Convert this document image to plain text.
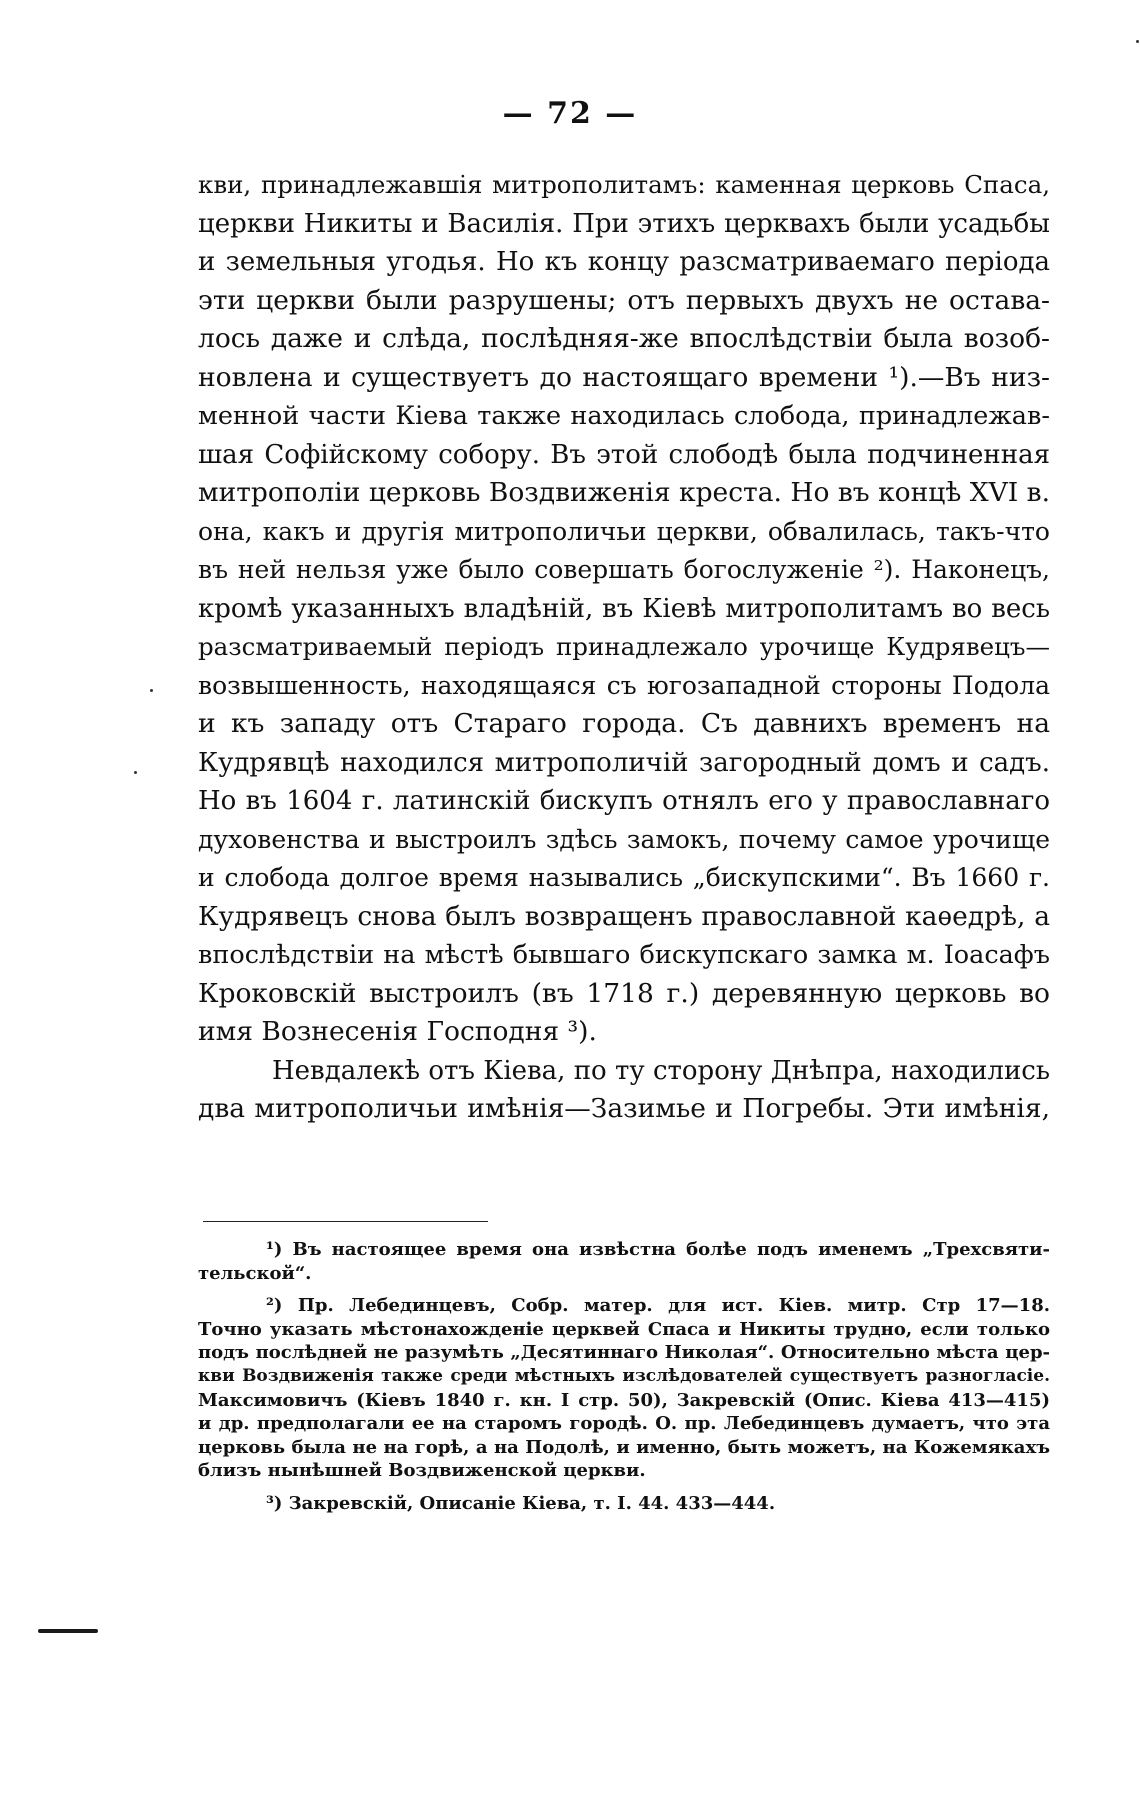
— 72 —
кви, принадлежавшія митрополитамъ: каменная церковь Спаса,
церкви Никиты и Василія. При этихъ церквахъ были усадьбы
и земельныя угодья. Но къ концу разсматриваемаго періода
эти церкви были разрушены; отъ первыхъ двухъ не остава-
лось даже и слѣда, послѣдняя-же впослѣдствіи была возоб-
новлена и существуетъ до настоящаго времени ¹).—Въ низ-
менной части Кіева также находилась слобода, принадлежав-
шая Софійскому собору. Въ этой слободѣ была подчиненная
митрополіи церковь Воздвиженія креста. Но въ концѣ XVI в.
она, какъ и другія митрополичьи церкви, обвалилась, такъ-что
въ ней нельзя уже было совершать богослуженіе ²). Наконецъ,
кромѣ указанныхъ владѣній, въ Кіевѣ митрополитамъ во весь
разсматриваемый періодъ принадлежало урочище Кудрявецъ—
возвышенность, находящаяся съ югозападной стороны Подола
и къ западу отъ Стараго города. Съ давнихъ временъ на
Кудрявцѣ находился митрополичій загородный домъ и садъ.
Но въ 1604 г. латинскій бискупъ отнялъ его у православнаго
духовенства и выстроилъ здѣсь замокъ, почему самое урочище
и слобода долгое время назывались „бискупскими“. Въ 1660 г.
Кудрявецъ снова былъ возвращенъ православной каѳедрѣ, а
впослѣдствіи на мѣстѣ бывшаго бискупскаго замка м. Іоасафъ
Кроковскій выстроилъ (въ 1718 г.) деревянную церковь во
имя Вознесенія Господня ³).
Невдалекѣ отъ Кіева, по ту сторону Днѣпра, находились
два митрополичьи имѣнія—Зазимье и Погребы. Эти имѣнія,
¹) Въ настоящее время она извѣстна болѣе подъ именемъ „Трехсвяти-
тельской“.
²) Пр. Лебединцевъ, Собр. матер. для ист. Кіев. митр. Стр 17—18.
Точно указать мѣстонахожденіе церквей Спаса и Никиты трудно, если только
подъ послѣдней не разумѣть „Десятиннаго Николая“. Относительно мѣста цер-
кви Воздвиженія также среди мѣстныхъ изслѣдователей существуетъ разногласіе.
Максимовичъ (Кіевъ 1840 г. кн. I стр. 50), Закревскій (Опис. Кіева 413—415)
и др. предполагали ее на старомъ городѣ. О. пр. Лебединцевъ думаетъ, что эта
церковь была не на горѣ, а на Подолѣ, и именно, быть можетъ, на Кожемякахъ
близъ нынѣшней Воздвиженской церкви.
³) Закревскій, Описаніе Кіева, т. I. 44. 433—444.
